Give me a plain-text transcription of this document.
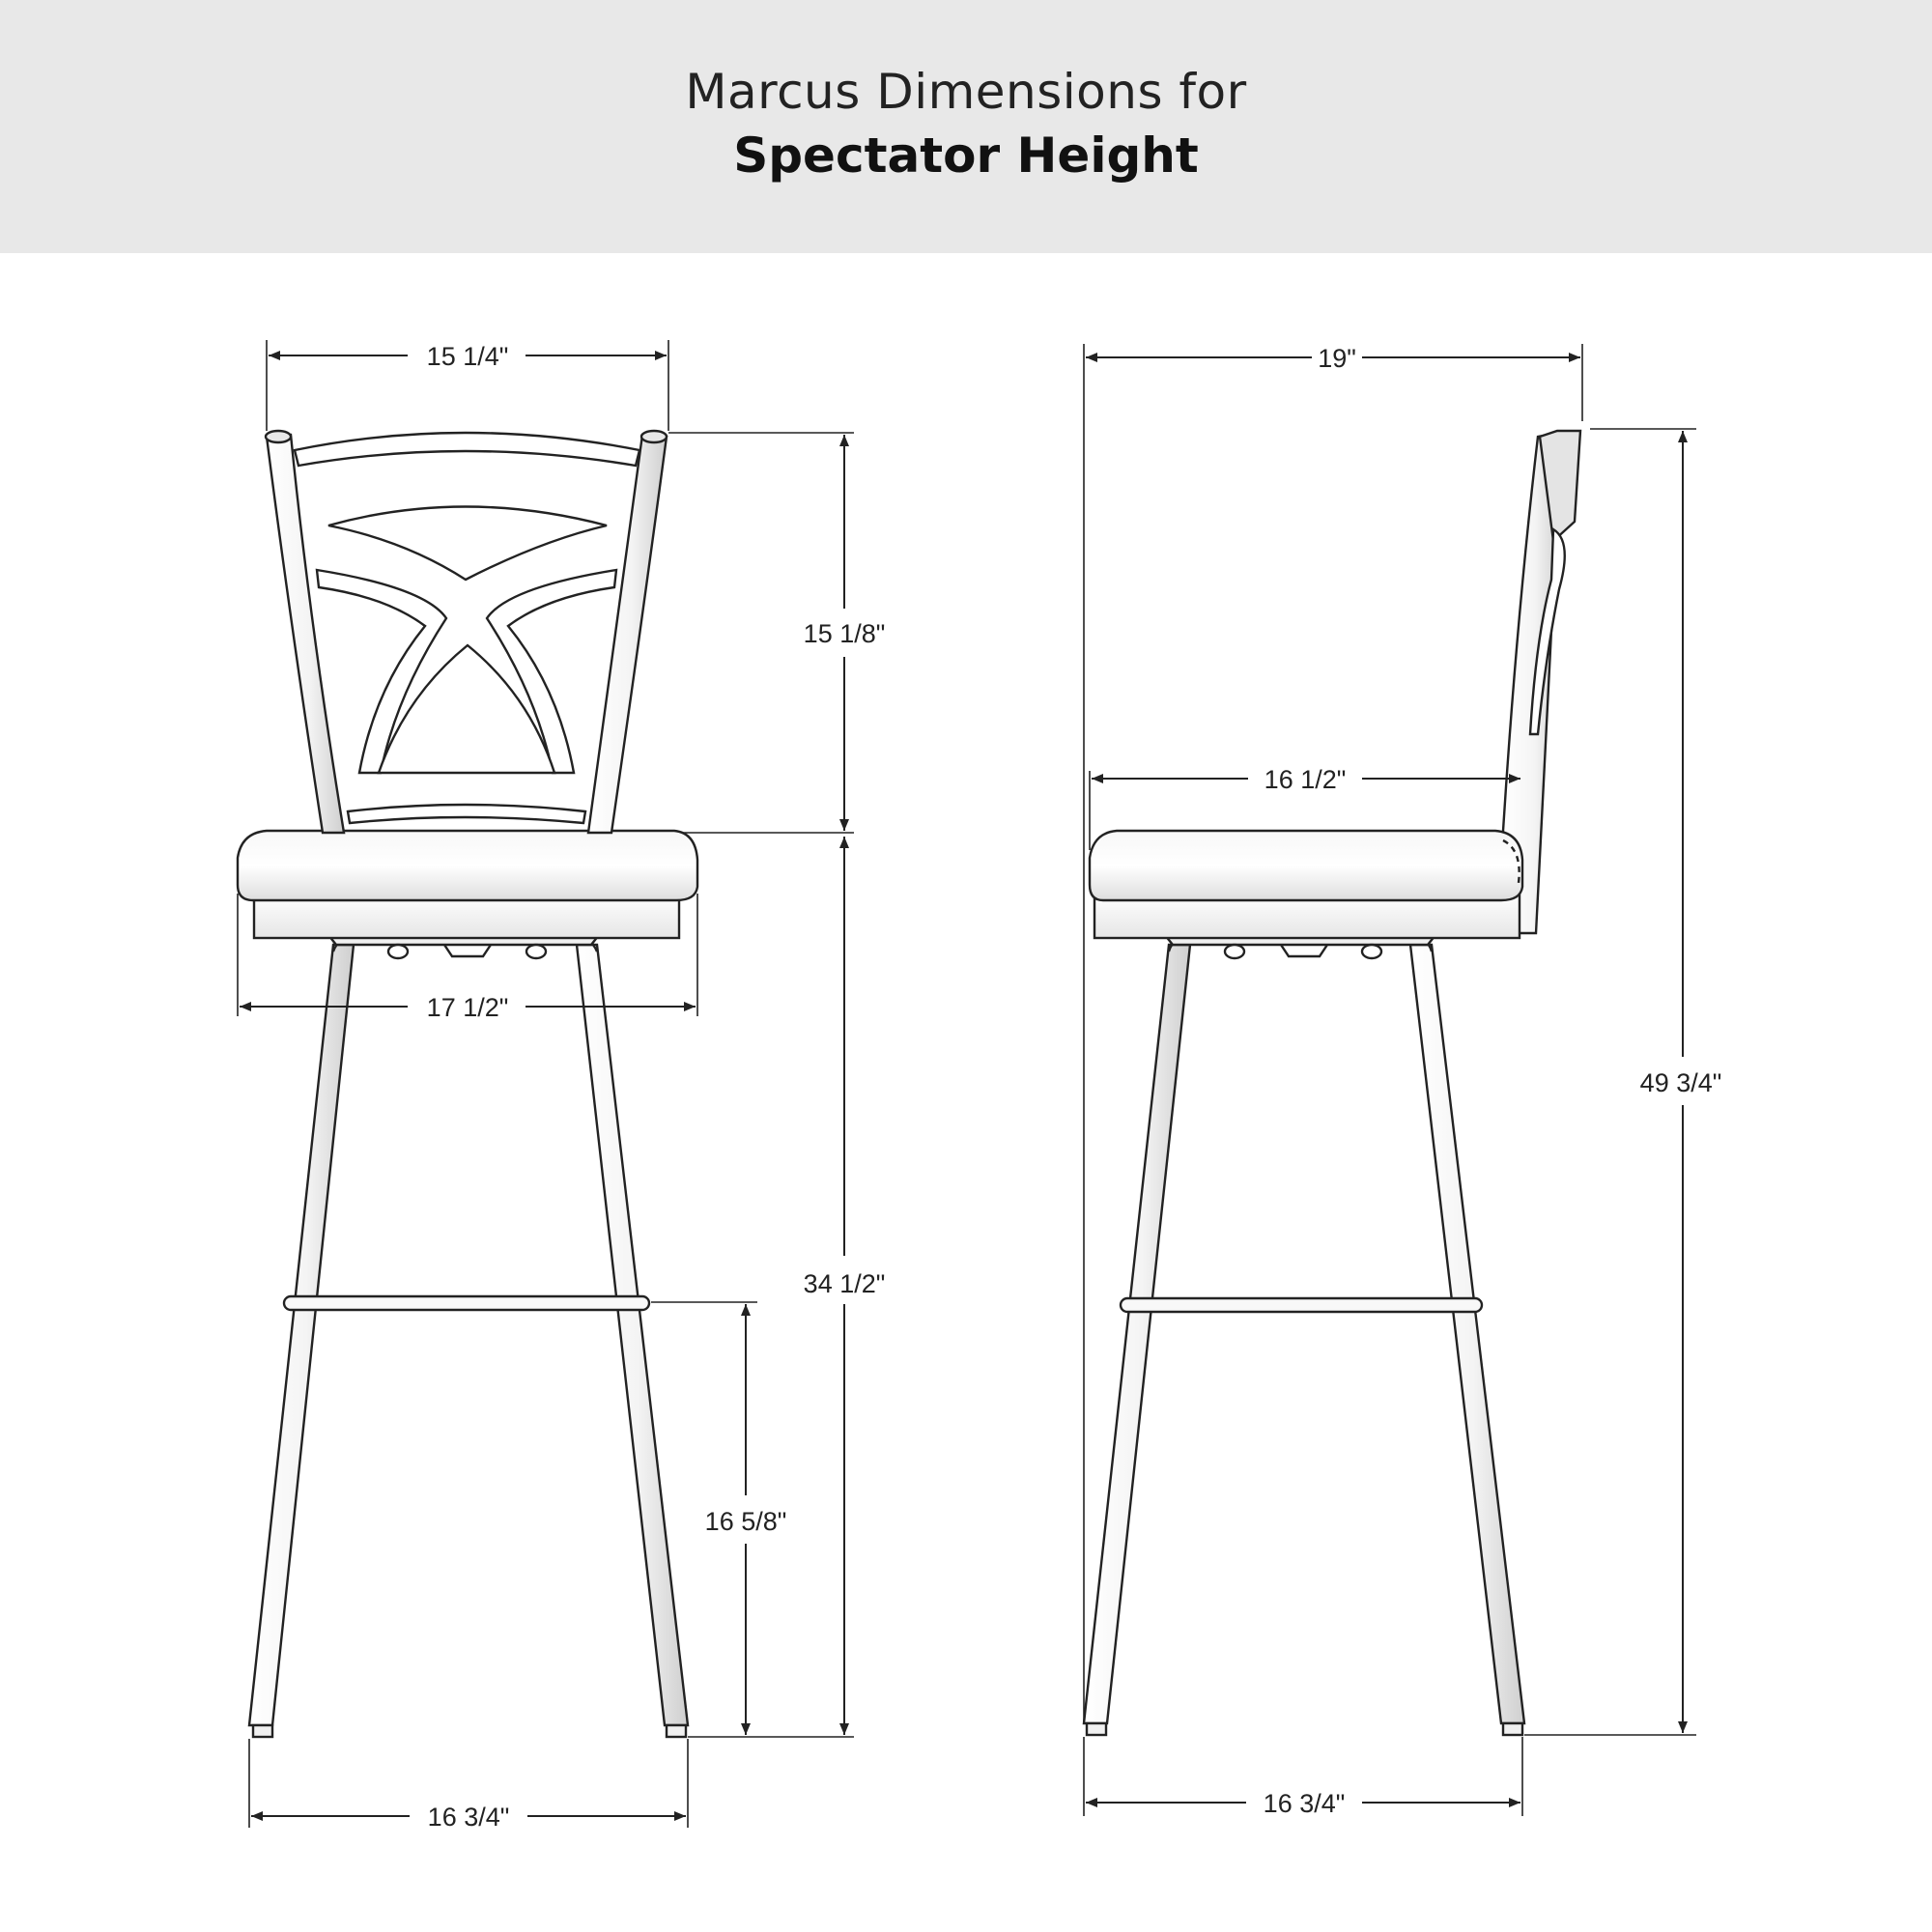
Marcus Dimensions for
Spectator Height
15 1/4"
15 1/8"
17 1/2"
34 1/2"
16 5/8"
16 3/4"
19"
16 1/2"
49 3/4"
16 3/4"
